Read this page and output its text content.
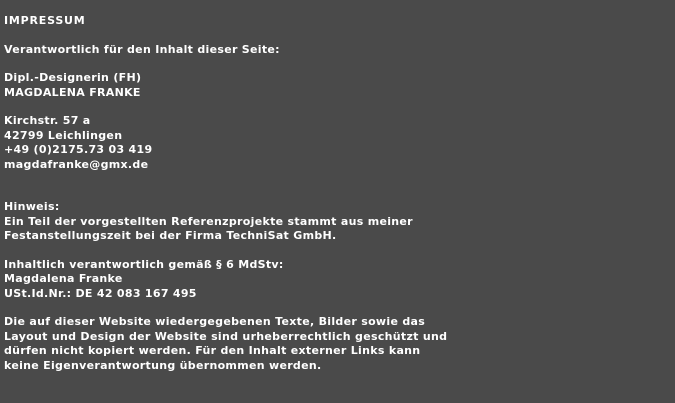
IMPRESSUM
Verantwortlich für den Inhalt dieser Seite:
Dipl.-Designerin (FH)
MAGDALENA FRANKE
Kirchstr. 57 a
42799 Leichlingen
+49 (0)2175.73 03 419
magdafranke@gmx.de
Hinweis:
Ein Teil der vorgestellten Referenzprojekte stammt aus meiner
Festanstellungszeit bei der Firma TechniSat GmbH.
Inhaltlich verantwortlich gemäß § 6 MdStv:
Magdalena Franke
USt.Id.Nr.: DE 42 083 167 495
Die auf dieser Website wiedergegebenen Texte, Bilder sowie das
Layout und Design der Website sind urheberrechtlich geschützt und
dürfen nicht kopiert werden. Für den Inhalt externer Links kann
keine Eigenverantwortung übernommen werden.
